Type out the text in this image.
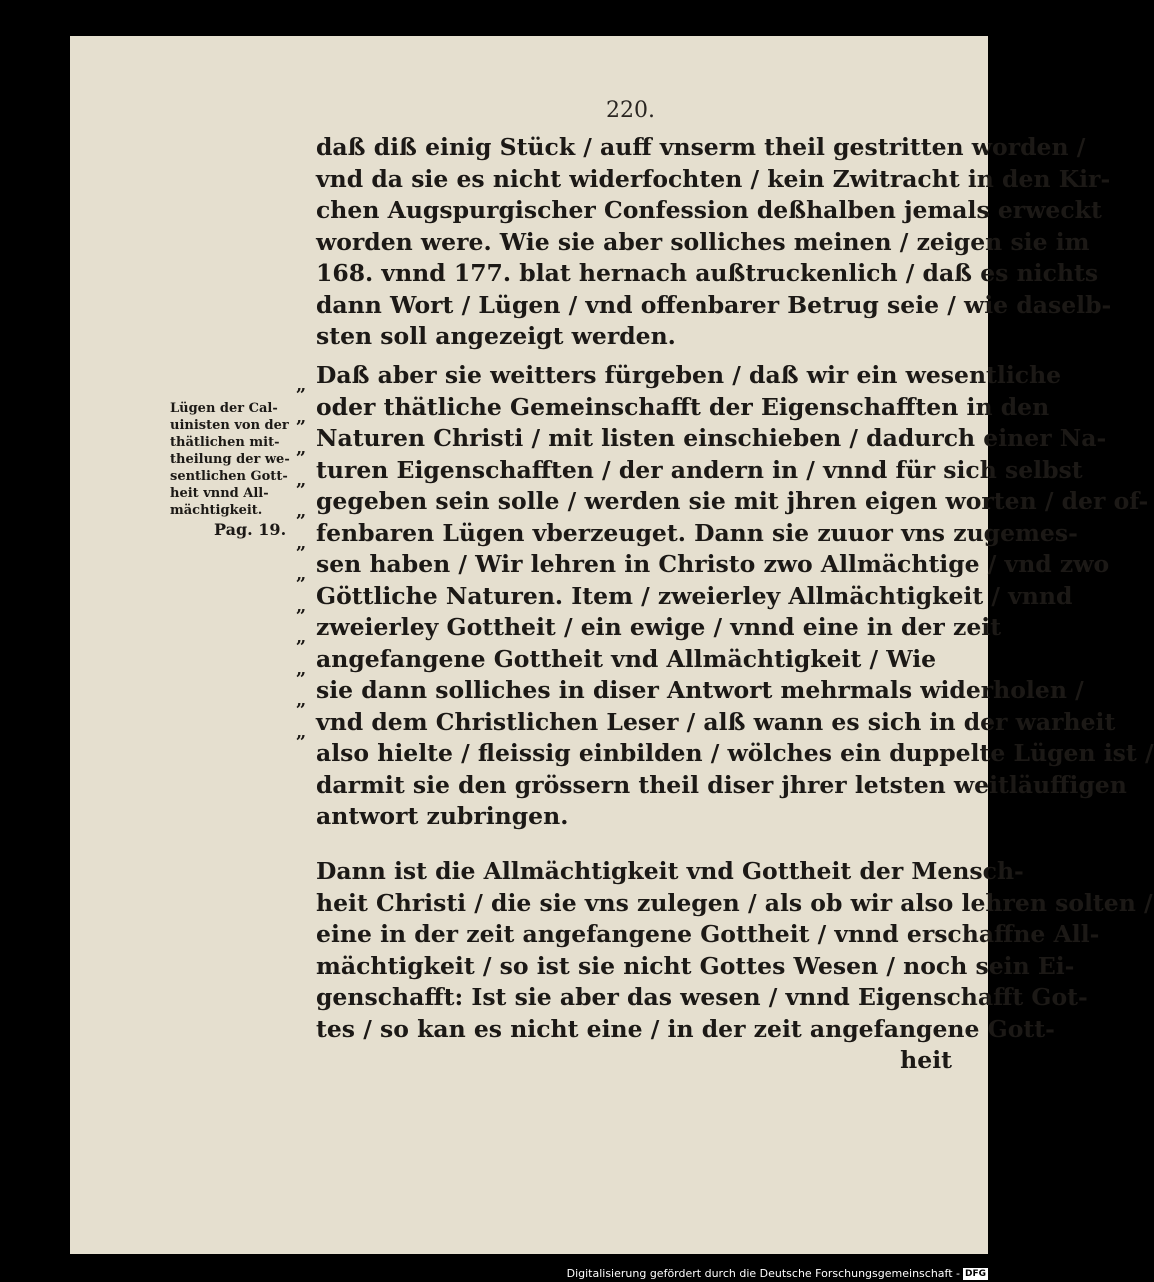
220.
daß diß einig Stück / auff vnserm theil gestritten worden /
vnd da sie es nicht widerfochten / kein Zwitracht in den Kir-
chen Augspurgischer Confession deßhalben jemals erweckt
worden were. Wie sie aber solliches meinen / zeigen sie im
168. vnnd 177. blat hernach außtruckenlich / daß es nichts
dann Wort / Lügen / vnd offenbarer Betrug seie / wie daselb-
sten soll angezeigt werden.
„
„
„
„
„
„
„
„
„
„
„
„
Lügen der Cal-
uinisten von der
thätlichen mit-
theilung der we-
sentlichen Gott-
heit vnnd All-
mächtigkeit.
Pag. 19.
Daß aber sie weitters fürgeben / daß wir ein wesentliche
oder thätliche Gemeinschafft der Eigenschafften in den
Naturen Christi / mit listen einschieben / dadurch einer Na-
turen Eigenschafften / der andern in / vnnd für sich selbst
gegeben sein solle / werden sie mit jhren eigen worten / der of-
fenbaren Lügen vberzeuget. Dann sie zuuor vns zugemes-
sen haben / Wir lehren in Christo zwo Allmächtige / vnd zwo
Göttliche Naturen. Item / zweierley Allmächtigkeit / vnnd
zweierley Gottheit / ein ewige / vnnd eine in der zeit
angefangene Gottheit vnd Allmächtigkeit / Wie
sie dann solliches in diser Antwort mehrmals widerholen /
vnd dem Christlichen Leser / alß wann es sich in der warheit
also hielte / fleissig einbilden / wölches ein duppelte Lügen ist /
darmit sie den grössern theil diser jhrer letsten weitläuffigen
antwort zubringen.
Dann ist die Allmächtigkeit vnd Gottheit der Mensch-
heit Christi / die sie vns zulegen / als ob wir also lehren solten /
eine in der zeit angefangene Gottheit / vnnd erschaffne All-
mächtigkeit / so ist sie nicht Gottes Wesen / noch sein Ei-
genschafft: Ist sie aber das wesen / vnnd Eigenschafft Got-
tes / so kan es nicht eine / in der zeit angefangene Gott-
heit
Digitalisierung gefördert durch die Deutsche Forschungsgemeinschaft - DFG
